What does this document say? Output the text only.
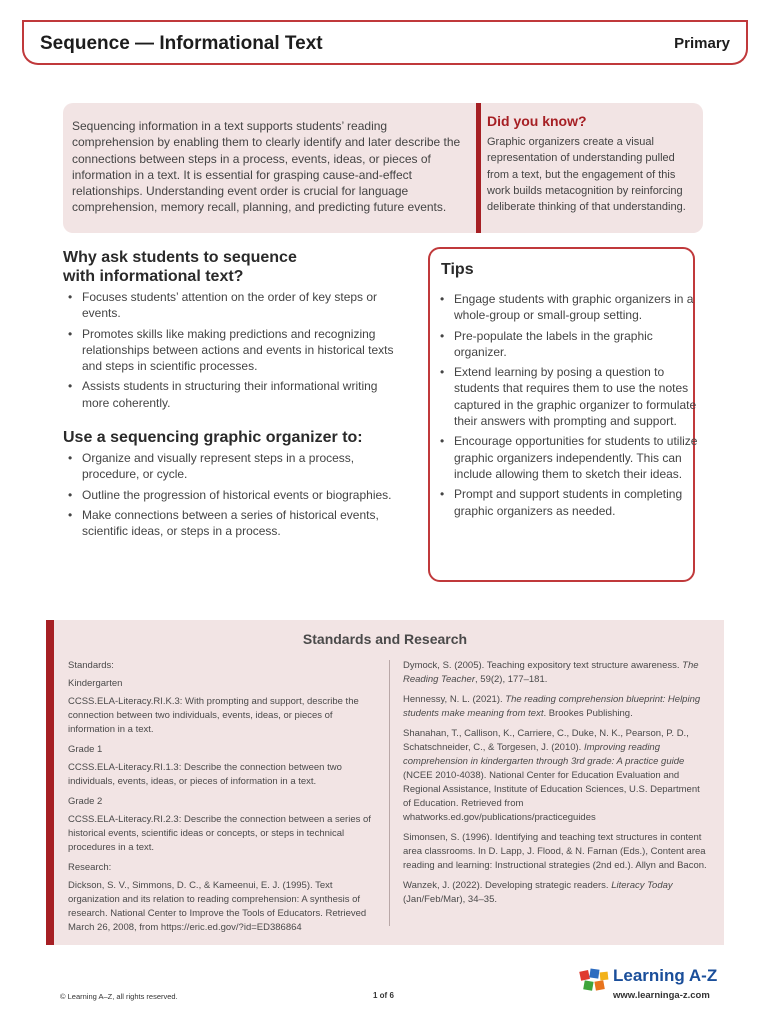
Sequence — Informational Text	Primary
Sequencing information in a text supports students’ reading comprehension by enabling them to clearly identify and later describe the connections between steps in a process, events, ideas, or pieces of information in a text. It is essential for grasping cause-and-effect relationships. Understanding event order is crucial for language comprehension, memory recall, planning, and predicting future events.
Did you know?
Graphic organizers create a visual representation of understanding pulled from a text, but the engagement of this work builds metacognition by reinforcing deliberate thinking of that understanding.
Why ask students to sequence
with informational text?
• Focuses students’ attention on the order of key steps or events.
• Promotes skills like making predictions and recognizing relationships between actions and events in historical texts and steps in scientific processes.
• Assists students in structuring their informational writing more coherently.
Use a sequencing graphic organizer to:
• Organize and visually represent steps in a process, procedure, or cycle.
• Outline the progression of historical events or biographies.
• Make connections between a series of historical events, scientific ideas, or steps in a process.
Tips
• Engage students with graphic organizers in a whole-group or small-group setting.
• Pre-populate the labels in the graphic organizer.
• Extend learning by posing a question to students that requires them to use the notes captured in the graphic organizer to formulate their answers with prompting and support.
• Encourage opportunities for students to utilize graphic organizers independently. This can include allowing them to sketch their ideas.
• Prompt and support students in completing graphic organizers as needed.
Standards and Research

Standards:

Kindergarten

CCSS.ELA-Literacy.RI.K.3: With prompting and support, describe the connection between two individuals, events, ideas, or pieces of information in a text.

Grade 1

CCSS.ELA-Literacy.RI.1.3: Describe the connection between two individuals, events, ideas, or pieces of information in a text.

Grade 2

CCSS.ELA-Literacy.RI.2.3: Describe the connection between a series of historical events, scientific ideas or concepts, or steps in technical procedures in a text.

Research:

Dickson, S. V., Simmons, D. C., & Kameenui, E. J. (1995). Text organization and its relation to reading comprehension: A synthesis of research. National Center to Improve the Tools of Educators. Retrieved March 26, 2008, from https://eric.ed.gov/?id=ED386864

Dymock, S. (2005). Teaching expository text structure awareness. The Reading Teacher, 59(2), 177–181.

Hennessy, N. L. (2021). The reading comprehension blueprint: Helping students make meaning from text. Brookes Publishing.

Shanahan, T., Callison, K., Carriere, C., Duke, N. K., Pearson, P. D., Schatschneider, C., & Torgesen, J. (2010). Improving reading comprehension in kindergarten through 3rd grade: A practice guide (NCEE 2010-4038). National Center for Education Evaluation and Regional Assistance, Institute of Education Sciences, U.S. Department of Education. Retrieved from whatworks.ed.gov/publications/practiceguides

Simonsen, S. (1996). Identifying and teaching text structures in content area classrooms. In D. Lapp, J. Flood, & N. Farnan (Eds.), Content area reading and learning: Instructional strategies (2nd ed.). Allyn and Bacon.

Wanzek, J. (2022). Developing strategic readers. Literacy Today (Jan/Feb/Mar), 34–35.

© Learning A–Z, all rights reserved.	1 of 6
Learning A-Z
www.learninga-z.com
